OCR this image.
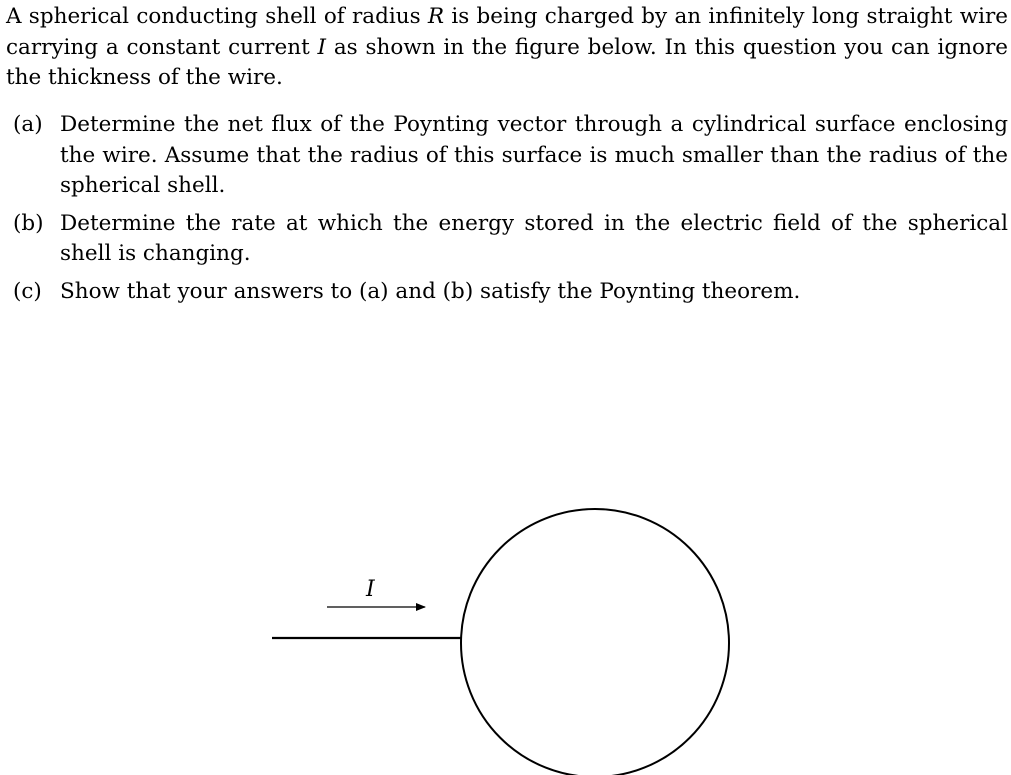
A spherical conducting shell of radius R is being charged by an infinitely long straight wire carrying a constant current I as shown in the figure below. In this question you can ignore the thickness of the wire.
(a) Determine the net flux of the Poynting vector through a cylindrical surface enclosing the wire. Assume that the radius of this surface is much smaller than the radius of the spherical shell.
(b) Determine the rate at which the energy stored in the electric field of the spherical shell is changing.
(c) Show that your answers to (a) and (b) satisfy the Poynting theorem.
I
